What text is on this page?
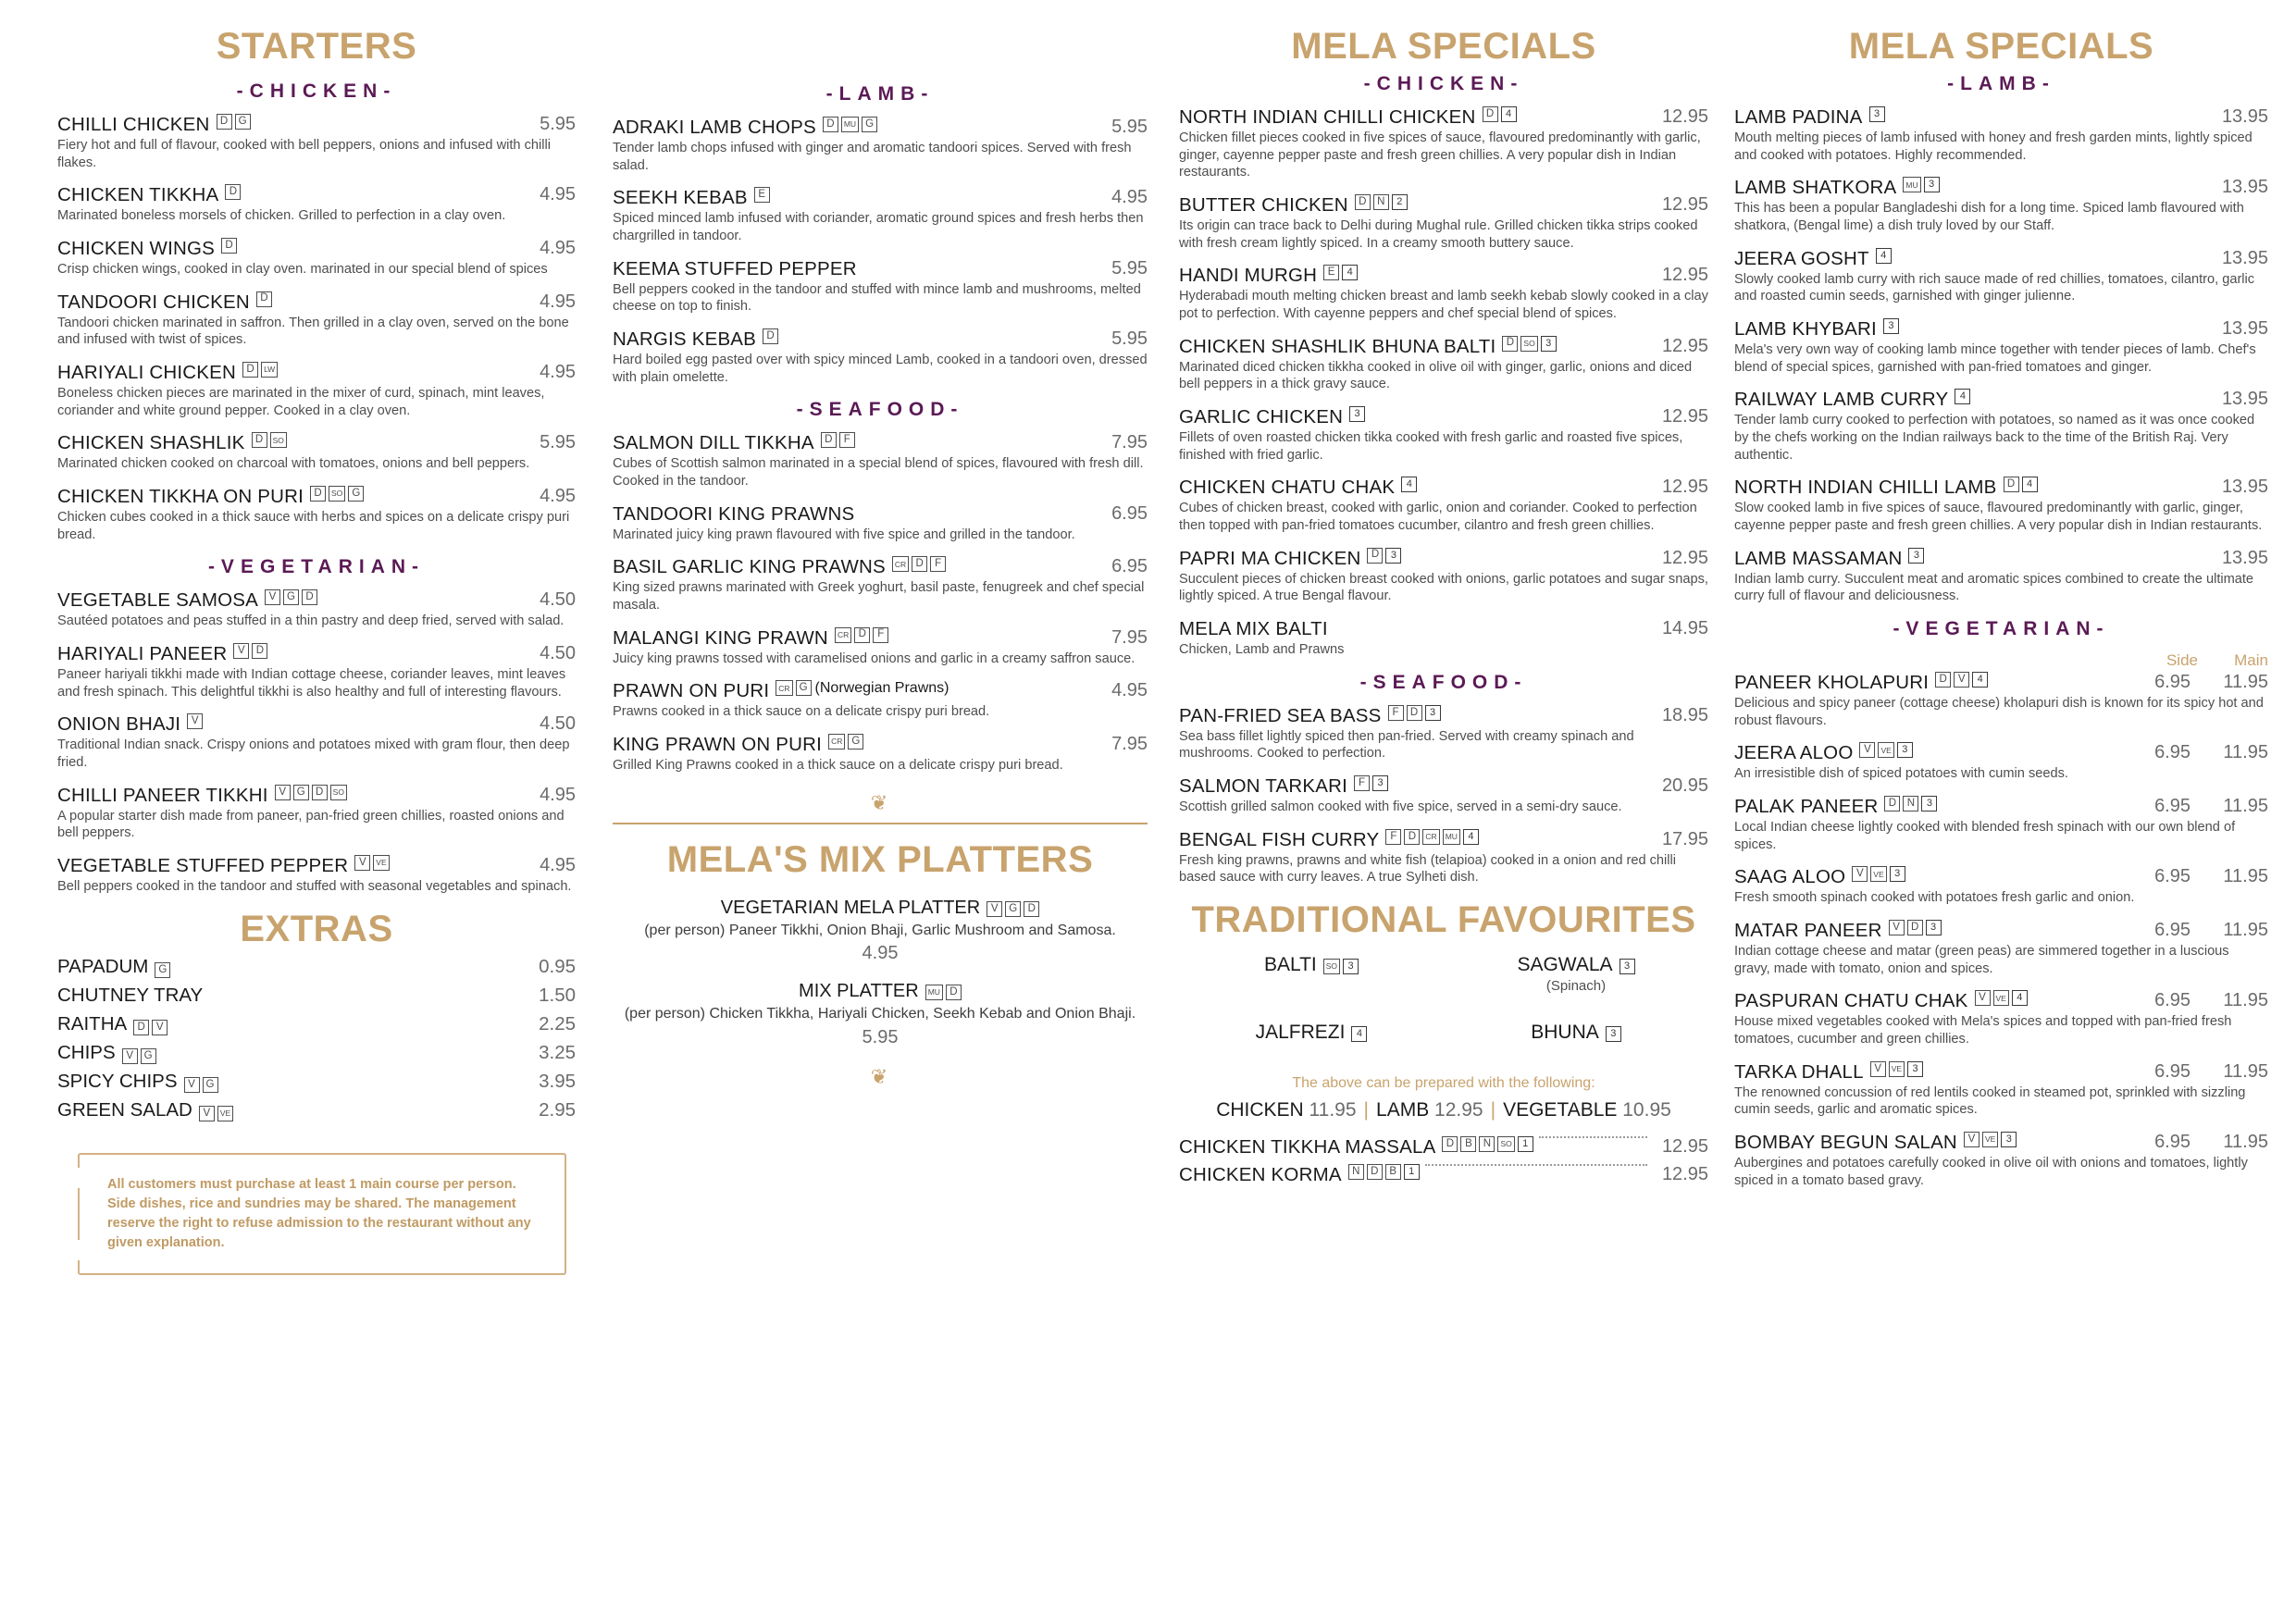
STARTERS
-CHICKEN-
CHILLI CHICKEN D G	5.95
Fiery hot and full of flavour, cooked with bell peppers, onions and infused with chilli flakes.
CHICKEN TIKKHA D	4.95
Marinated boneless morsels of chicken. Grilled to perfection in a clay oven.
CHICKEN WINGS D	4.95
Crisp chicken wings, cooked in clay oven. marinated in our special blend of spices
TANDOORI CHICKEN D	4.95
Tandoori chicken marinated in saffron. Then grilled in a clay oven, served on the bone and infused with twist of spices.
HARIYALI CHICKEN D	LW	4.95
Boneless chicken pieces are marinated in the mixer of curd, spinach, mint leaves, coriander and white ground pepper. Cooked in a clay oven.
CHICKEN SHASHLIK D	SO	5.95
Marinated chicken cooked on charcoal with tomatoes, onions and bell peppers.
CHICKEN TIKKHA ON PURI D	SO G	4.95
Chicken cubes cooked in a thick sauce with herbs and spices on a delicate crispy puri bread.
-VEGETARIAN-
VEGETABLE SAMOSA	V	G D	4.50
Sautéed potatoes and peas stuffed in a thin pastry and deep fried, served with salad.
HARIYALI PANEER	V	D	4.50
Paneer hariyali tikkhi made with Indian cottage cheese, coriander leaves, mint leaves and fresh spinach. This delightful tikkhi is also healthy and full of interesting flavours.
ONION BHAJI	V	4.50
Traditional Indian snack. Crispy onions and potatoes mixed with gram flour, then deep fried.
CHILLI PANEER TIKKHI	V	G D	SO	4.95
A popular starter dish made from paneer, pan-fried green chillies, roasted onions and bell peppers.
VEGETABLE STUFFED PEPPER	V	VE	4.95
Bell peppers cooked in the tandoor and stuffed with seasonal vegetables and spinach.
EXTRAS
PAPADUM G	0.95
CHUTNEY TRAY	1.50
RAITHA D	V	2.25
CHIPS	V	G	3.25
SPICY CHIPS	V	G	3.95
GREEN SALAD	V	VE	2.95

All customers must purchase at least 1 main course per person. Side dishes, rice and sundries may be shared. The management reserve the right to refuse admission to the restaurant without any given explanation.

-LAMB-
ADRAKI LAMB CHOPS D	MU G	5.95
Tender lamb chops infused with ginger and aromatic tandoori spices. Served with fresh salad.
SEEKH KEBAB	E	4.95
Spiced minced lamb infused with coriander, aromatic ground spices and fresh herbs then chargrilled in tandoor.
KEEMA STUFFED PEPPER	5.95
Bell peppers cooked in the tandoor and stuffed with mince lamb and mushrooms, melted cheese on top to finish.
NARGIS KEBAB D	5.95
Hard boiled egg pasted over with spicy minced Lamb, cooked in a tandoori oven, dressed with plain omelette.
-SEAFOOD-
SALMON DILL TIKKHA D	F	7.95
Cubes of Scottish salmon marinated in a special blend of spices, flavoured with fresh dill. Cooked in the tandoor.
TANDOORI KING PRAWNS	6.95
Marinated juicy king prawn flavoured with five spice and grilled in the tandoor.
BASIL GARLIC KING PRAWNS	CR D	F	6.95
King sized prawns marinated with Greek yoghurt, basil paste, fenugreek and chef special masala.
MALANGI KING PRAWN	CR D	F	7.95
Juicy king prawns tossed with caramelised onions and garlic in a creamy saffron sauce.
PRAWN ON PURI	CR G (Norwegian Prawns)	4.95
Prawns cooked in a thick sauce on a delicate crispy puri bread.
KING PRAWN ON PURI	CR G	7.95
Grilled King Prawns cooked in a thick sauce on a delicate crispy puri bread.
❦
MELA'S MIX PLATTERS
VEGETARIAN MELA PLATTER	V	G D
(per person) Paneer Tikkhi, Onion Bhaji, Garlic Mushroom and Samosa.
4.95
MIX PLATTER	MU D
(per person) Chicken Tikkha, Hariyali Chicken, Seekh Kebab and Onion Bhaji.
5.95
❦
MELA SPECIALS
-CHICKEN-
NORTH INDIAN CHILLI CHICKEN D	4	12.95
Chicken fillet pieces cooked in five spices of sauce, flavoured predominantly with garlic, ginger, cayenne pepper paste and fresh green chillies. A very popular dish in Indian restaurants.
BUTTER CHICKEN D	N	2	12.95
Its origin can trace back to Delhi during Mughal rule. Grilled chicken tikka strips cooked with fresh cream lightly spiced. In a creamy smooth buttery sauce.
HANDI MURGH	E	4	12.95
Hyderabadi mouth melting chicken breast and lamb seekh kebab slowly cooked in a clay pot to perfection. With cayenne peppers and chef special blend of spices.
CHICKEN SHASHLIK BHUNA BALTI D	SO	3	12.95
Marinated diced chicken tikkha cooked in olive oil with ginger, garlic, onions and diced bell peppers in a thick gravy sauce.
GARLIC CHICKEN	3	12.95
Fillets of oven roasted chicken tikka cooked with fresh garlic and roasted five spices, finished with fried garlic.
CHICKEN CHATU CHAK	4	12.95
Cubes of chicken breast, cooked with garlic, onion and coriander. Cooked to perfection then topped with pan-fried tomatoes cucumber, cilantro and fresh green chillies.
PAPRI MA CHICKEN D	3	12.95
Succulent pieces of chicken breast cooked with onions, garlic potatoes and sugar snaps, lightly spiced. A true Bengal flavour.
MELA MIX BALTI	14.95
Chicken, Lamb and Prawns
-SEAFOOD-
PAN-FRIED SEA BASS	F	D	3	18.95
Sea bass fillet lightly spiced then pan-fried. Served with creamy spinach and mushrooms. Cooked to perfection.
SALMON TARKARI	F	3	20.95
Scottish grilled salmon cooked with five spice, served in a semi-dry sauce.
BENGAL FISH CURRY	F	D	CR	MU	4	17.95
Fresh king prawns, prawns and white fish (telapioa) cooked in a onion and red chilli based sauce with curry leaves. A true Sylheti dish.
TRADITIONAL FAVOURITES
BALTI	SO	3	SAGWALA	3
(Spinach)
JALFREZI	4	BHUNA	3
The above can be prepared with the following:
CHICKEN 11.95 | LAMB 12.95 | VEGETABLE 10.95
CHICKEN TIKKHA MASSALA D	B	N	SO	1	12.95
CHICKEN KORMA N	D	B	1	12.95
MELA SPECIALS
-LAMB-
LAMB PADINA	3	13.95
Mouth melting pieces of lamb infused with honey and fresh garden mints, lightly spiced and cooked with potatoes. Highly recommended.
LAMB SHATKORA	MU	3	13.95
This has been a popular Bangladeshi dish for a long time. Spiced lamb flavoured with shatkora, (Bengal lime) a dish truly loved by our Staff.
JEERA GOSHT	4	13.95
Slowly cooked lamb curry with rich sauce made of red chillies, tomatoes, cilantro, garlic and roasted cumin seeds, garnished with ginger julienne.
LAMB KHYBARI	3	13.95
Mela's very own way of cooking lamb mince together with tender pieces of lamb. Chef's blend of special spices, garnished with pan-fried tomatoes and ginger.
RAILWAY LAMB CURRY	4	13.95
Tender lamb curry cooked to perfection with potatoes, so named as it was once cooked by the chefs working on the Indian railways back to the time of the British Raj. Very authentic.
NORTH INDIAN CHILLI LAMB D	4	13.95
Slow cooked lamb in five spices of sauce, flavoured predominantly with garlic, ginger, cayenne pepper paste and fresh green chillies. A very popular dish in Indian restaurants.
LAMB MASSAMAN	3	13.95
Indian lamb curry. Succulent meat and aromatic spices combined to create the ultimate curry full of flavour and deliciousness.
-VEGETARIAN-
Side	Main
PANEER KHOLAPURI D	V	4	6.95	11.95
Delicious and spicy paneer (cottage cheese) kholapuri dish is known for its spicy hot and robust flavours.
JEERA ALOO	V	VE	3	6.95	11.95
An irresistible dish of spiced potatoes with cumin seeds.
PALAK PANEER D	N	3	6.95	11.95
Local Indian cheese lightly cooked with blended fresh spinach with our own blend of spices.
SAAG ALOO	V	VE	3	6.95	11.95
Fresh smooth spinach cooked with potatoes fresh garlic and onion.
MATAR PANEER	V	D	3	6.95	11.95
Indian cottage cheese and matar (green peas) are simmered together in a luscious gravy, made with tomato, onion and spices.
PASPURAN CHATU CHAK	V	VE	4	6.95	11.95
House mixed vegetables cooked with Mela's spices and topped with pan-fried fresh tomatoes, cucumber and green chillies.
TARKA DHALL	V	VE	3	6.95	11.95
The renowned concussion of red lentils cooked in steamed pot, sprinkled with sizzling cumin seeds, garlic and aromatic spices.
BOMBAY BEGUN SALAN	V	VE	3	6.95	11.95
Aubergines and potatoes carefully cooked in olive oil with onions and tomatoes, lightly spiced in a tomato based gravy.
